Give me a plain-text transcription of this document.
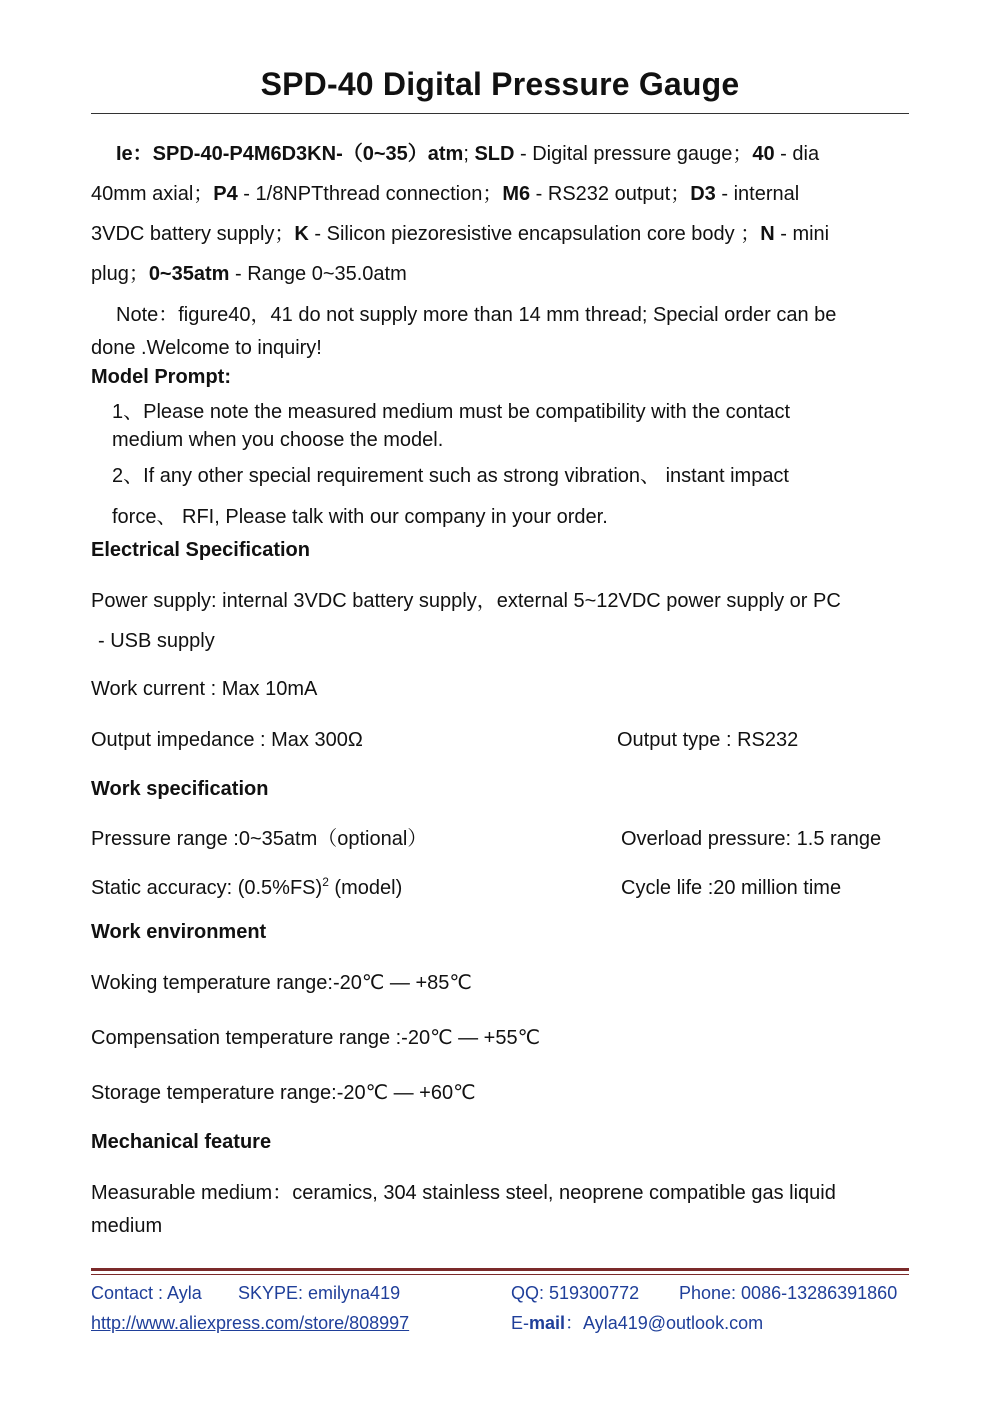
SPD-40 Digital Pressure Gauge
Ie：SPD-40-P4M6D3KN-（0~35）atm; SLD - Digital pressure gauge；40 - dia
40mm axial；P4 - 1/8NPTthread connection；M6 - RS232 output；D3 - internal
3VDC battery supply；K - Silicon piezoresistive encapsulation core body ；N - mini
plug；0~35atm - Range 0~35.0atm
Note：figure40，41 do not supply more than 14 mm thread; Special order can be
done .Welcome to inquiry!
Model Prompt:
1、Please note the measured medium must be compatibility with the contact
medium when you choose the model.
2、If any other special requirement such as strong vibration、 instant impact
force、 RFI, Please talk with our company in your order.
Electrical Specification
Power supply: internal 3VDC battery supply，external 5~12VDC power supply or PC
- USB supply
Work current : Max 10mA
Output impedance : Max 300Ω	Output type : RS232
Work specification
Pressure range :0~35atm（optional）	Overload pressure: 1.5 range
Static accuracy: $(0.5\%FS)^2$ (model)	Cycle life :20 million time
Work environment
Woking temperature range:-20℃ — +85℃
Compensation temperature range :-20℃ — +55℃
Storage temperature range:-20℃ — +60℃
Mechanical feature
Measurable medium：ceramics, 304 stainless steel, neoprene compatible gas liquid
medium
Contact : Ayla SKYPE: emilyna419	QQ: 519300772 Phone: 0086-13286391860
http://www.aliexpress.com/store/808997	E-mail：Ayla419@outlook.com
